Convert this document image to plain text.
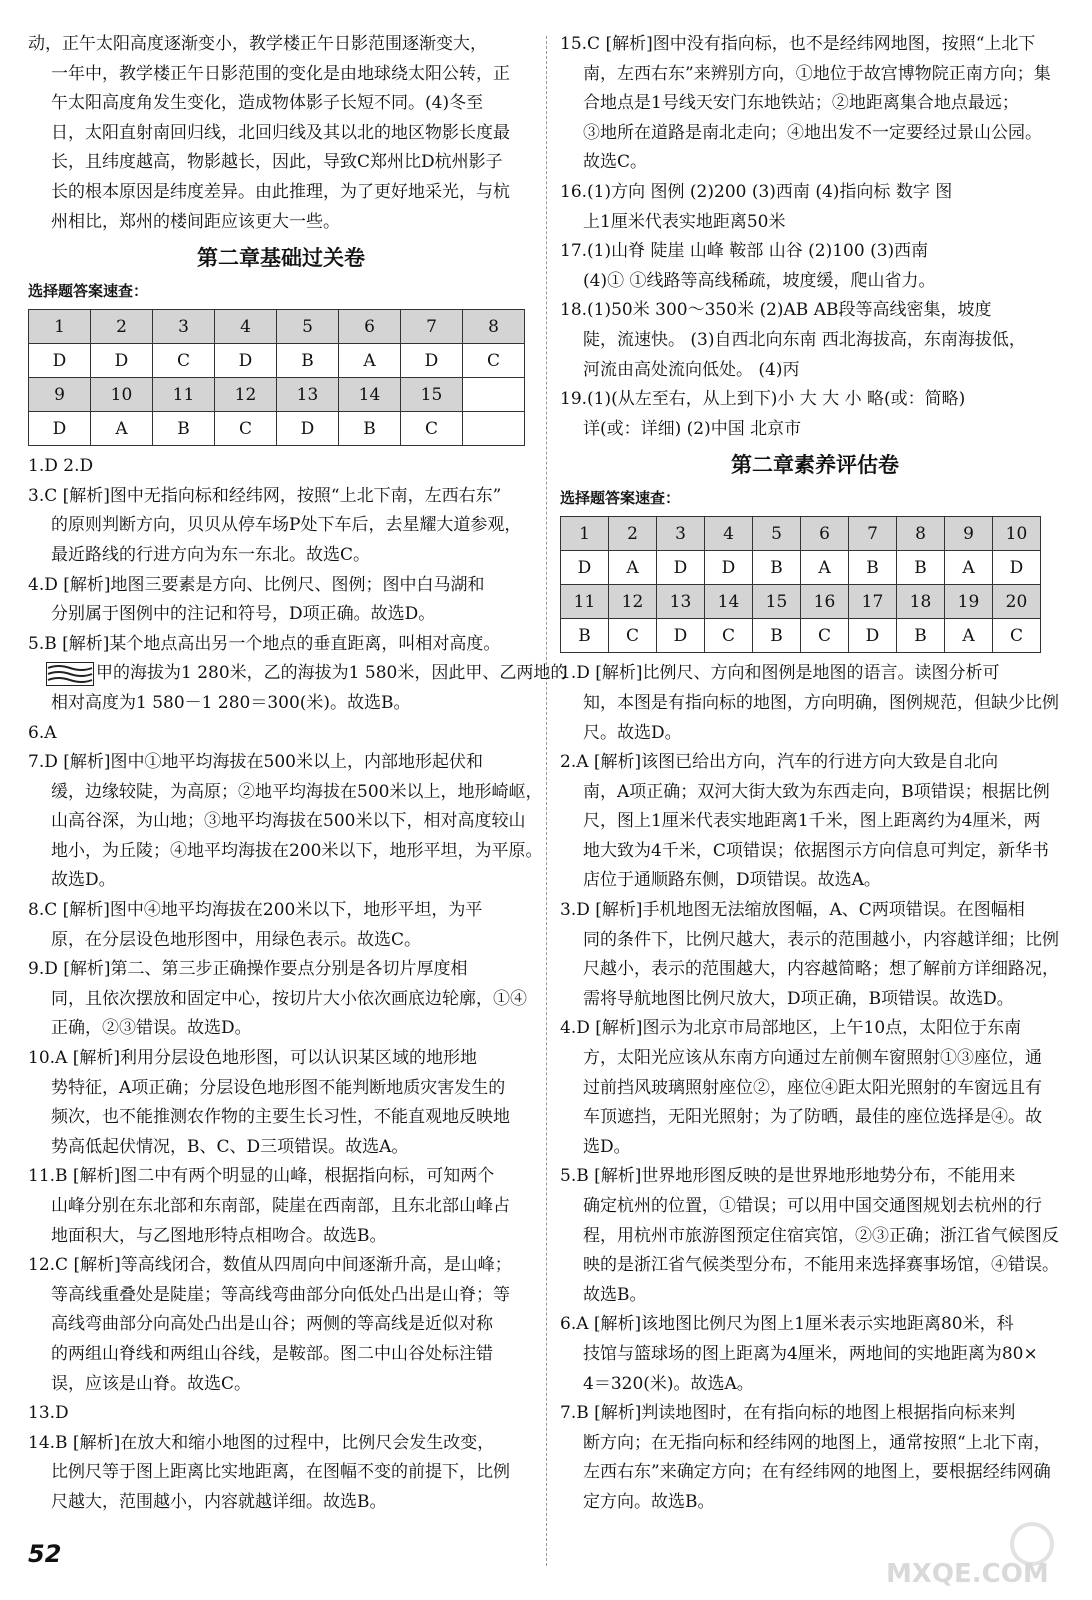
动，正午太阳高度逐渐变小，教学楼正午日影范围逐渐变大，

一年中，教学楼正午日影范围的变化是由地球绕太阳公转，正

午太阳高度角发生变化，造成物体影子长短不同。(4)冬至

日，太阳直射南回归线，北回归线及其以北的地区物影长度最

长，且纬度越高，物影越长，因此，导致C郑州比D杭州影子

长的根本原因是纬度差异。由此推理，为了更好地采光，与杭

州相比，郑州的楼间距应该更大一些。

第二章基础过关卷
选择题答案速查：
1	2	3	4	5	6	7	8
D	D	C	D	B	A	D	C
9	10	11	12	13	14	15	
D	A	B	C	D	B	C	

1.D 2.D

3.C [解析]图中无指向标和经纬网，按照“上北下南，左西右东”

的原则判断方向，贝贝从停车场P处下车后，去星耀大道参观，

最近路线的行进方向为东一东北。故选C。

4.D [解析]地图三要素是方向、比例尺、图例；图中白马湖和

分别属于图例中的注记和符号，D项正确。故选D。

5.B [解析]某个地点高出另一个地点的垂直距离，叫相对高度。

甲的海拔为1 280米，乙的海拔为1 580米，因此甲、乙两地的

相对高度为1 580－1 280＝300(米)。故选B。

6.A

7.D [解析]图中①地平均海拔在500米以上，内部地形起伏和

缓，边缘较陡，为高原；②地平均海拔在500米以上，地形崎岖，

山高谷深，为山地；③地平均海拔在500米以下，相对高度较山

地小，为丘陵；④地平均海拔在200米以下，地形平坦，为平原。

故选D。

8.C [解析]图中④地平均海拔在200米以下，地形平坦，为平

原，在分层设色地形图中，用绿色表示。故选C。

9.D [解析]第二、第三步正确操作要点分别是各切片厚度相

同，且依次摆放和固定中心，按切片大小依次画底边轮廓，①④

正确，②③错误。故选D。

10.A [解析]利用分层设色地形图，可以认识某区域的地形地

势特征，A项正确；分层设色地形图不能判断地质灾害发生的

频次，也不能推测农作物的主要生长习性，不能直观地反映地

势高低起伏情况，B、C、D三项错误。故选A。

11.B [解析]图二中有两个明显的山峰，根据指向标，可知两个

山峰分别在东北部和东南部，陡崖在西南部，且东北部山峰占

地面积大，与乙图地形特点相吻合。故选B。

12.C [解析]等高线闭合，数值从四周向中间逐渐升高，是山峰；

等高线重叠处是陡崖；等高线弯曲部分向低处凸出是山脊；等

高线弯曲部分向高处凸出是山谷；两侧的等高线是近似对称

的两组山脊线和两组山谷线，是鞍部。图二中山谷处标注错

误，应该是山脊。故选C。

13.D

14.B [解析]在放大和缩小地图的过程中，比例尺会发生改变，

比例尺等于图上距离比实地距离，在图幅不变的前提下，比例

尺越大，范围越小，内容就越详细。故选B。

15.C [解析]图中没有指向标，也不是经纬网地图，按照“上北下

南，左西右东”来辨别方向，①地位于故宫博物院正南方向；集

合地点是1号线天安门东地铁站；②地距离集合地点最远；

③地所在道路是南北走向；④地出发不一定要经过景山公园。

故选C。

16.(1)方向 图例 (2)200 (3)西南 (4)指向标 数字 图

上1厘米代表实地距离50米

17.(1)山脊 陡崖 山峰 鞍部 山谷 (2)100 (3)西南

(4)① ①线路等高线稀疏，坡度缓，爬山省力。

18.(1)50米 300～350米 (2)AB AB段等高线密集，坡度

陡，流速快。 (3)自西北向东南 西北海拔高，东南海拔低，

河流由高处流向低处。 (4)丙

19.(1)(从左至右，从上到下)小 大 大 小 略(或：简略)

详(或：详细) (2)中国 北京市

第二章素养评估卷
选择题答案速查：
1	2	3	4	5	6	7	8	9	10
D	A	D	D	B	A	B	B	A	D
11	12	13	14	15	16	17	18	19	20
B	C	D	C	B	C	D	B	A	C

1.D [解析]比例尺、方向和图例是地图的语言。读图分析可

知，本图是有指向标的地图，方向明确，图例规范，但缺少比例

尺。故选D。

2.A [解析]该图已给出方向，汽车的行进方向大致是自北向

南，A项正确；双河大街大致为东西走向，B项错误；根据比例

尺，图上1厘米代表实地距离1千米，图上距离约为4厘米，两

地大致为4千米，C项错误；依据图示方向信息可判定，新华书

店位于通顺路东侧，D项错误。故选A。

3.D [解析]手机地图无法缩放图幅，A、C两项错误。在图幅相

同的条件下，比例尺越大，表示的范围越小，内容越详细；比例

尺越小，表示的范围越大，内容越简略；想了解前方详细路况，

需将导航地图比例尺放大，D项正确，B项错误。故选D。

4.D [解析]图示为北京市局部地区，上午10点，太阳位于东南

方，太阳光应该从东南方向通过左前侧车窗照射①③座位，通

过前挡风玻璃照射座位②，座位④距太阳光照射的车窗远且有

车顶遮挡，无阳光照射；为了防晒，最佳的座位选择是④。故

选D。

5.B [解析]世界地形图反映的是世界地形地势分布，不能用来

确定杭州的位置，①错误；可以用中国交通图规划去杭州的行

程，用杭州市旅游图预定住宿宾馆，②③正确；浙江省气候图反

映的是浙江省气候类型分布，不能用来选择赛事场馆，④错误。

故选B。

6.A [解析]该地图比例尺为图上1厘米表示实地距离80米，科

技馆与篮球场的图上距离为4厘米，两地间的实地距离为80×

4＝320(米)。故选A。

7.B [解析]判读地图时，在有指向标的地图上根据指向标来判

断方向；在无指向标和经纬网的地图上，通常按照“上北下南，

左西右东”来确定方向；在有经纬网的地图上，要根据经纬网确

定方向。故选B。

52
MXQE.COM
